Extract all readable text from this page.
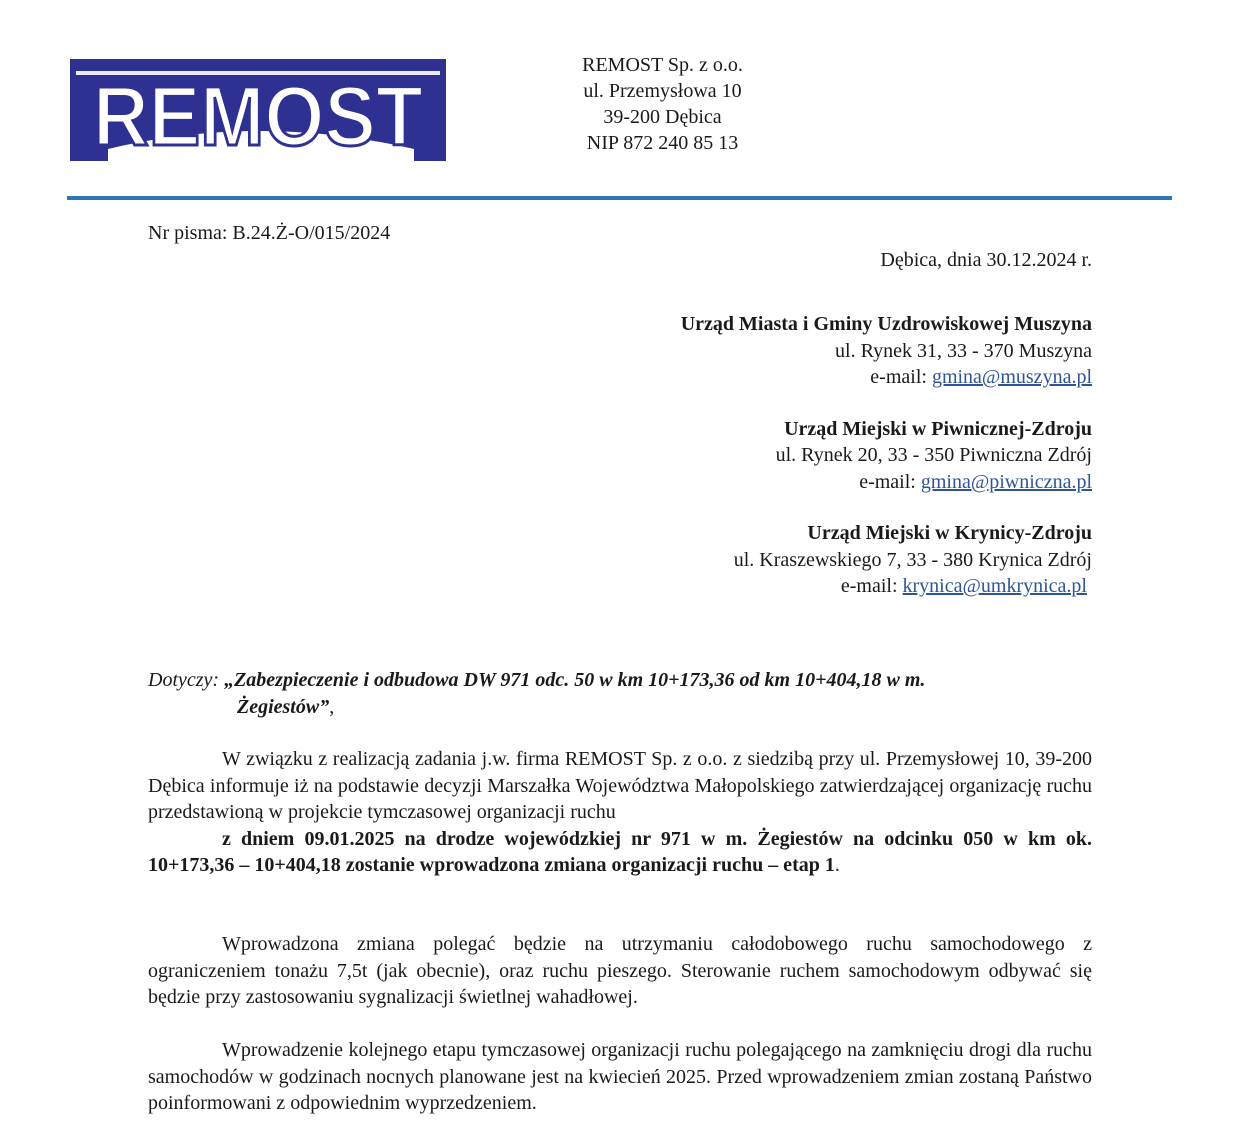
REMOST
REMOST Sp. z o.o.
ul. Przemysłowa 10
39-200 Dębica
NIP 872 240 85 13
Nr pisma: B.24.Ż-O/015/2024
Dębica, dnia 30.12.2024 r.
Urząd Miasta i Gminy Uzdrowiskowej Muszyna
ul. Rynek 31, 33 - 370 Muszyna
e-mail: gmina@muszyna.pl
Urząd Miejski w Piwnicznej-Zdroju
ul. Rynek 20, 33 - 350 Piwniczna Zdrój
e-mail: gmina@piwniczna.pl
Urząd Miejski w Krynicy-Zdroju
ul. Kraszewskiego 7, 33 - 380 Krynica Zdrój
e-mail: krynica@umkrynica.pl
Dotyczy: „Zabezpieczenie i odbudowa DW 971 odc. 50 w km 10+173,36 od km 10+404,18 w m.
Żegiestów”,
W związku z realizacją zadania j.w. firma REMOST Sp. z o.o. z siedzibą przy ul. Przemysłowej 10, 39-200 Dębica informuje iż na podstawie decyzji Marszałka Województwa Małopolskiego zatwierdzającej organizację ruchu przedstawioną w projekcie tymczasowej organizacji ruchu
z dniem 09.01.2025 na drodze wojewódzkiej nr 971 w m. Żegiestów na odcinku 050 w km ok. 10+173,36 – 10+404,18 zostanie wprowadzona zmiana organizacji ruchu – etap 1.
Wprowadzona zmiana polegać będzie na utrzymaniu całodobowego ruchu samochodowego z ograniczeniem tonażu 7,5t (jak obecnie), oraz ruchu pieszego. Sterowanie ruchem samochodowym odbywać się będzie przy zastosowaniu sygnalizacji świetlnej wahadłowej.
Wprowadzenie kolejnego etapu tymczasowej organizacji ruchu polegającego na zamknięciu drogi dla ruchu samochodów w godzinach nocnych planowane jest na kwiecień 2025. Przed wprowadzeniem zmian zostaną Państwo poinformowani z odpowiednim wyprzedzeniem.
